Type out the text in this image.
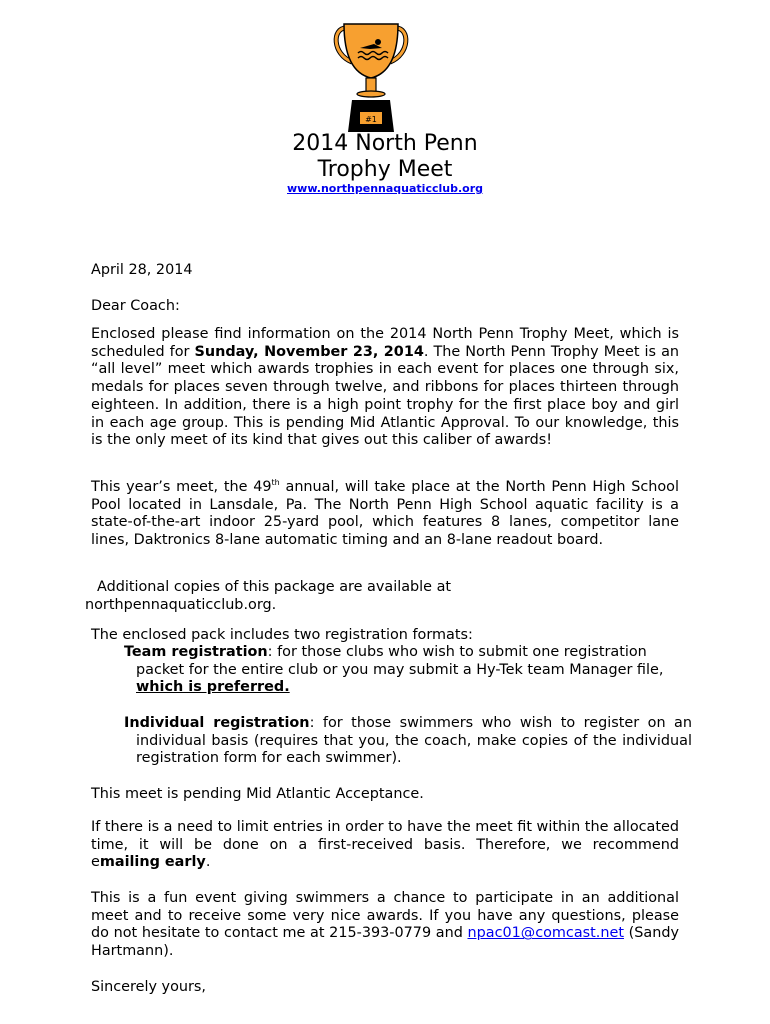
#1
2014 North Penn
Trophy Meet
www.northpennaquaticclub.org
April 28, 2014
Dear Coach:
Enclosed please find information on the 2014 North Penn Trophy Meet, which is scheduled for Sunday, November 23, 2014. The North Penn Trophy Meet is an “all level” meet which awards trophies in each event for places one through six, medals for places seven through twelve, and ribbons for places thirteen through eighteen. In addition, there is a high point trophy for the first place boy and girl in each age group. This is pending Mid Atlantic Approval. To our knowledge, this is the only meet of its kind that gives out this caliber of awards!
This year’s meet, the 49th annual, will take place at the North Penn High School Pool located in Lansdale, Pa. The North Penn High School aquatic facility is a state-of-the-art indoor 25-yard pool, which features 8 lanes, competitor lane lines, Daktronics 8-lane automatic timing and an 8-lane readout board.
Additional copies of this package are available at
northpennaquaticclub.org.
The enclosed pack includes two registration formats:
Team registration: for those clubs who wish to submit one registration packet for the entire club or you may submit a Hy-Tek team Manager file, which is preferred.
Individual registration: for those swimmers who wish to register on an individual basis (requires that you, the coach, make copies of the individual registration form for each swimmer).
This meet is pending Mid Atlantic Acceptance.
If there is a need to limit entries in order to have the meet fit within the allocated time, it will be done on a first-received basis. Therefore, we recommend emailing early.
This is a fun event giving swimmers a chance to participate in an additional meet and to receive some very nice awards. If you have any questions, please do not hesitate to contact me at 215-393-0779 and npac01@comcast.net (Sandy Hartmann).
Sincerely yours,
